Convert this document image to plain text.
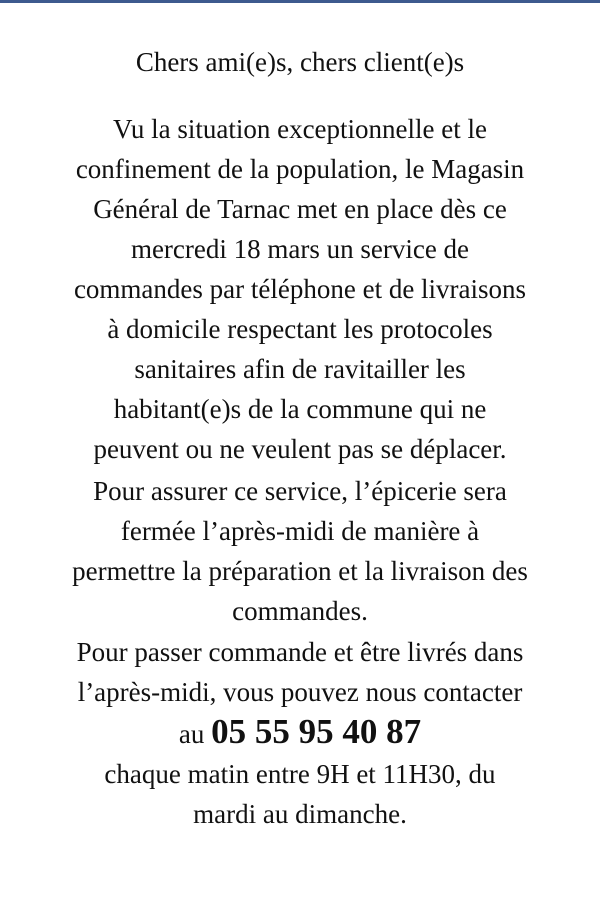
Chers ami(e)s, chers client(e)s
Vu la situation exceptionnelle et le
confinement de la population, le Magasin
Général de Tarnac met en place dès ce
mercredi 18 mars un service de
commandes par téléphone et de livraisons
à domicile respectant les protocoles
sanitaires afin de ravitailler les
habitant(e)s de la commune qui ne
peuvent ou ne veulent pas se déplacer.
Pour assurer ce service, l’épicerie sera
fermée l’après-midi de manière à
permettre la préparation et la livraison des
commandes.
Pour passer commande et être livrés dans
l’après-midi, vous pouvez nous contacter
au 05 55 95 40 87
chaque matin entre 9H et 11H30, du
mardi au dimanche.
